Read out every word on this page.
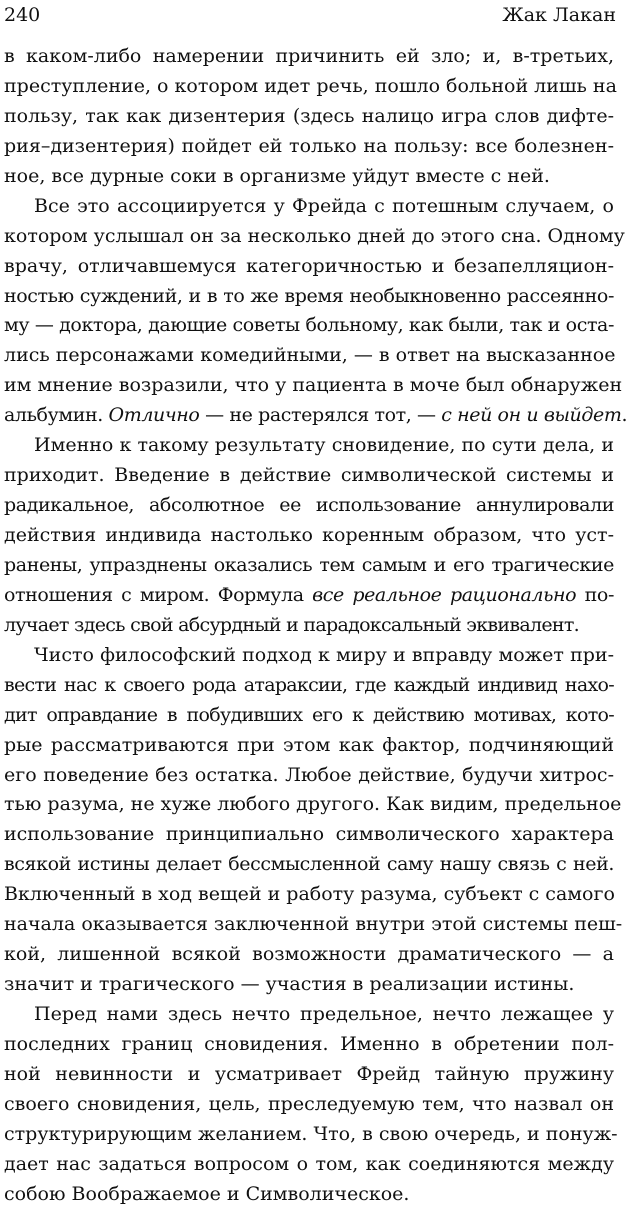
240	Жак Лакан
в каком-либо намерении причинить ей зло; и, в-третьих,
преступление, о котором идет речь, пошло больной лишь на
пользу, так как дизентерия (здесь налицо игра слов дифте-
рия–дизентерия) пойдет ей только на пользу: все болезнен-
ное, все дурные соки в организме уйдут вместе с ней.
Все это ассоциируется у Фрейда с потешным случаем, о
котором услышал он за несколько дней до этого сна. Одному
врачу, отличавшемуся категоричностью и безапелляцион-
ностью суждений, и в то же время необыкновенно рассеянно-
му — доктора, дающие советы больному, как были, так и оста-
лись персонажами комедийными, — в ответ на высказанное
им мнение возразили, что у пациента в моче был обнаружен
альбумин. Отлично — не растерялся тот, — с ней он и выйдет.
Именно к такому результату сновидение, по сути дела, и
приходит. Введение в действие символической системы и
радикальное, абсолютное ее использование аннулировали
действия индивида настолько коренным образом, что уст-
ранены, упразднены оказались тем самым и его трагические
отношения с миром. Формула все реальное рационально по-
лучает здесь свой абсурдный и парадоксальный эквивалент.
Чисто философский подход к миру и вправду может при-
вести нас к своего рода атараксии, где каждый индивид нахо-
дит оправдание в побудивших его к действию мотивах, кото-
рые рассматриваются при этом как фактор, подчиняющий
его поведение без остатка. Любое действие, будучи хитрос-
тью разума, не хуже любого другого. Как видим, предельное
использование принципиально символического характера
всякой истины делает бессмысленной саму нашу связь с ней.
Включенный в ход вещей и работу разума, субъект с самого
начала оказывается заключенной внутри этой системы пеш-
кой, лишенной всякой возможности драматического — а
значит и трагического — участия в реализации истины.
Перед нами здесь нечто предельное, нечто лежащее у
последних границ сновидения. Именно в обретении пол-
ной невинности и усматривает Фрейд тайную пружину
своего сновидения, цель, преследуемую тем, что назвал он
структурирующим желанием. Что, в свою очередь, и понуж-
дает нас задаться вопросом о том, как соединяются между
собою Воображаемое и Символическое.
